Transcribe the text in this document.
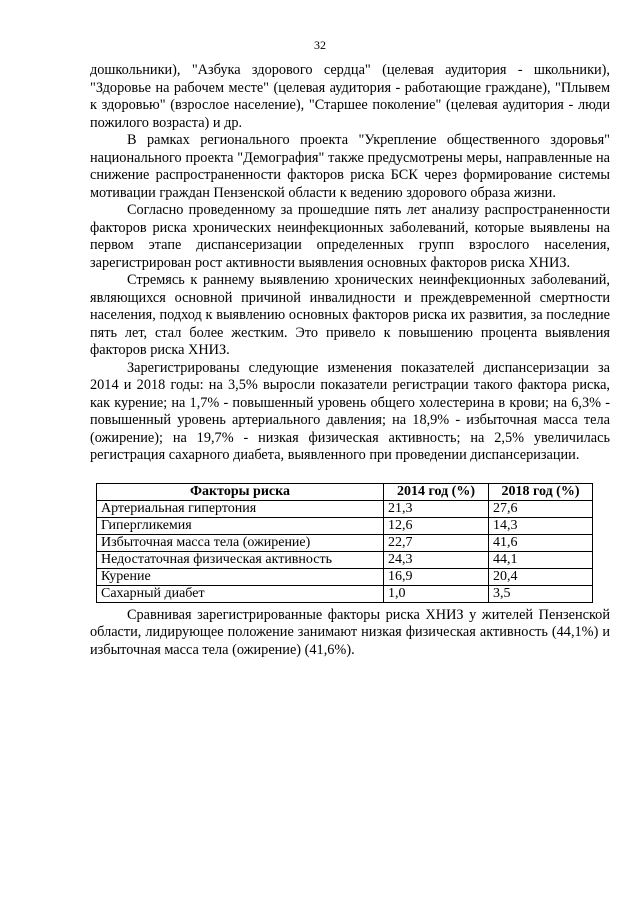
32

дошкольники), "Азбука здорового сердца" (целевая аудитория - школьники), "Здоровье на рабочем месте" (целевая аудитория - работающие граждане), "Плывем к здоровью" (взрослое население), "Старшее поколение" (целевая аудитория - люди пожилого возраста) и др.

В рамках регионального проекта "Укрепление общественного здоровья" национального проекта "Демография" также предусмотрены меры, направленные на снижение распространенности факторов риска БСК через формирование системы мотивации граждан Пензенской области к ведению здорового образа жизни.

Согласно проведенному за прошедшие пять лет анализу распространенности факторов риска хронических неинфекционных заболеваний, которые выявлены на первом этапе диспансеризации определенных групп взрослого населения, зарегистрирован рост активности выявления основных факторов риска ХНИЗ.

Стремясь к раннему выявлению хронических неинфекционных заболеваний, являющихся основной причиной инвалидности и преждевременной смертности населения, подход к выявлению основных факторов риска их развития, за последние пять лет, стал более жестким. Это привело к повышению процента выявления факторов риска ХНИЗ.

Зарегистрированы следующие изменения показателей диспансеризации за 2014 и 2018 годы: на 3,5% выросли показатели регистрации такого фактора риска, как курение; на 1,7% - повышенный уровень общего холестерина в крови; на 6,3% - повышенный уровень артериального давления; на 18,9% - избыточная масса тела (ожирение); на 19,7% - низкая физическая активность; на 2,5% увеличилась регистрация сахарного диабета, выявленного при проведении диспансеризации.

Факторы риска	2014 год (%)	2018 год (%)
Артериальная гипертония	21,3	27,6
Гипергликемия	12,6	14,3
Избыточная масса тела (ожирение)	22,7	41,6
Недостаточная физическая активность	24,3	44,1
Курение	16,9	20,4
Сахарный диабет	1,0	3,5

Сравнивая зарегистрированные факторы риска ХНИЗ у жителей Пензенской области, лидирующее положение занимают низкая физическая активность (44,1%) и избыточная масса тела (ожирение) (41,6%).
